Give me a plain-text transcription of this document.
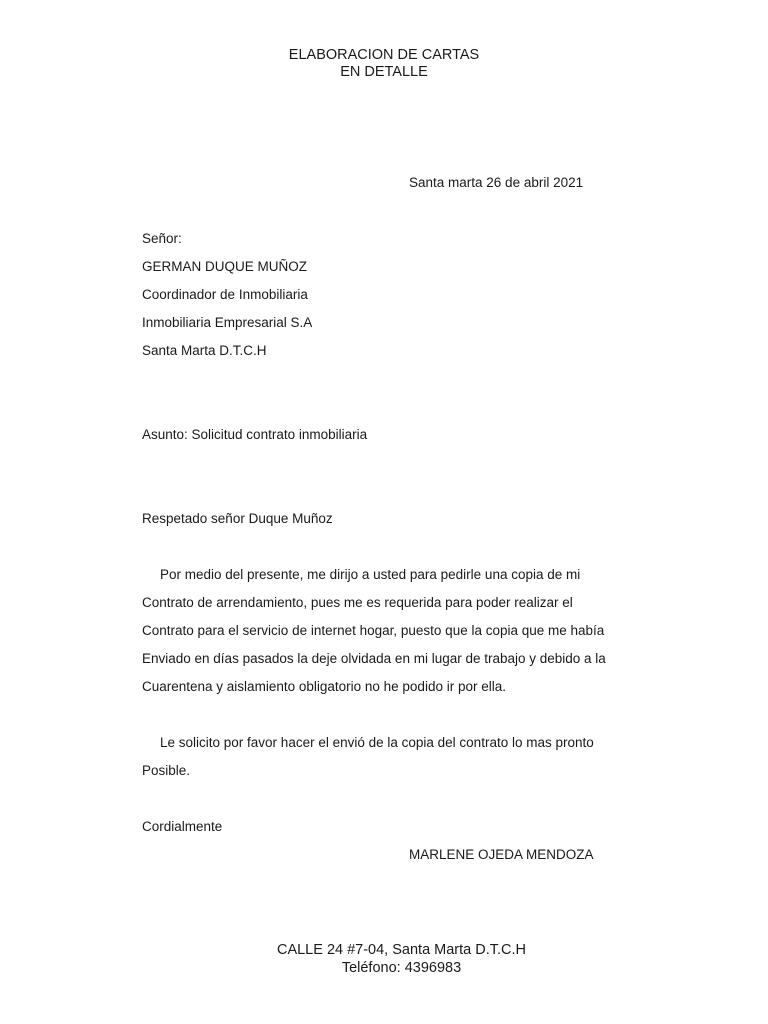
ELABORACION DE CARTAS
EN DETALLE
Santa marta 26 de abril 2021
Señor:
GERMAN DUQUE MUÑOZ
Coordinador de Inmobiliaria
Inmobiliaria Empresarial S.A
Santa Marta D.T.C.H
Asunto: Solicitud contrato inmobiliaria
Respetado señor Duque Muñoz
Por medio del presente, me dirijo a usted para pedirle una copia de mi
Contrato de arrendamiento, pues me es requerida para poder realizar el
Contrato para el servicio de internet hogar, puesto que la copia que me había
Enviado en días pasados la deje olvidada en mi lugar de trabajo y debido a la
Cuarentena y aislamiento obligatorio no he podido ir por ella.
Le solicito por favor hacer el envió de la copia del contrato lo mas pronto
Posible.
Cordialmente
MARLENE OJEDA MENDOZA
CALLE 24 #7-04, Santa Marta D.T.C.H
Teléfono: 4396983
